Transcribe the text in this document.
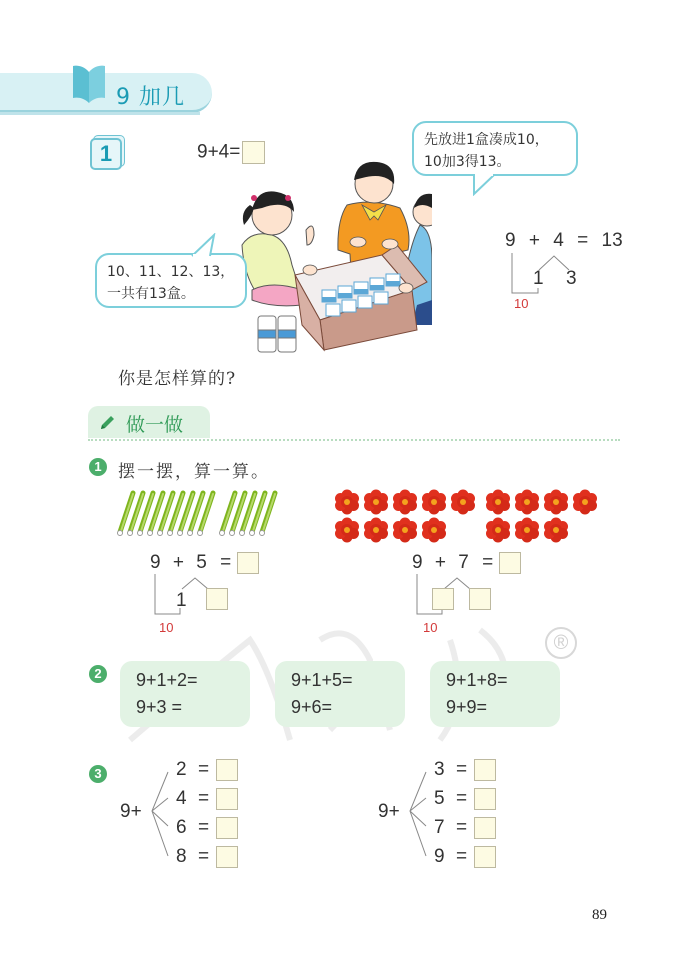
9 加几
1	9+4=
10、11、12、13，
一共有13盒。
先放进1盒凑成10，
10加3得13。
9 + 4 = 13
1 3
10
你是怎样算的?
做一做
1 摆一摆，算一算。
9 + 5 =
1
10
9 + 7 =
10
®
2 9+1+2=
9+3 =
9+1+5=
9+6=
9+1+8=
9+9=
3
9+
2 =
4 =
6 =
8 =
9+
3 =
5 =
7 =
9 =
89
